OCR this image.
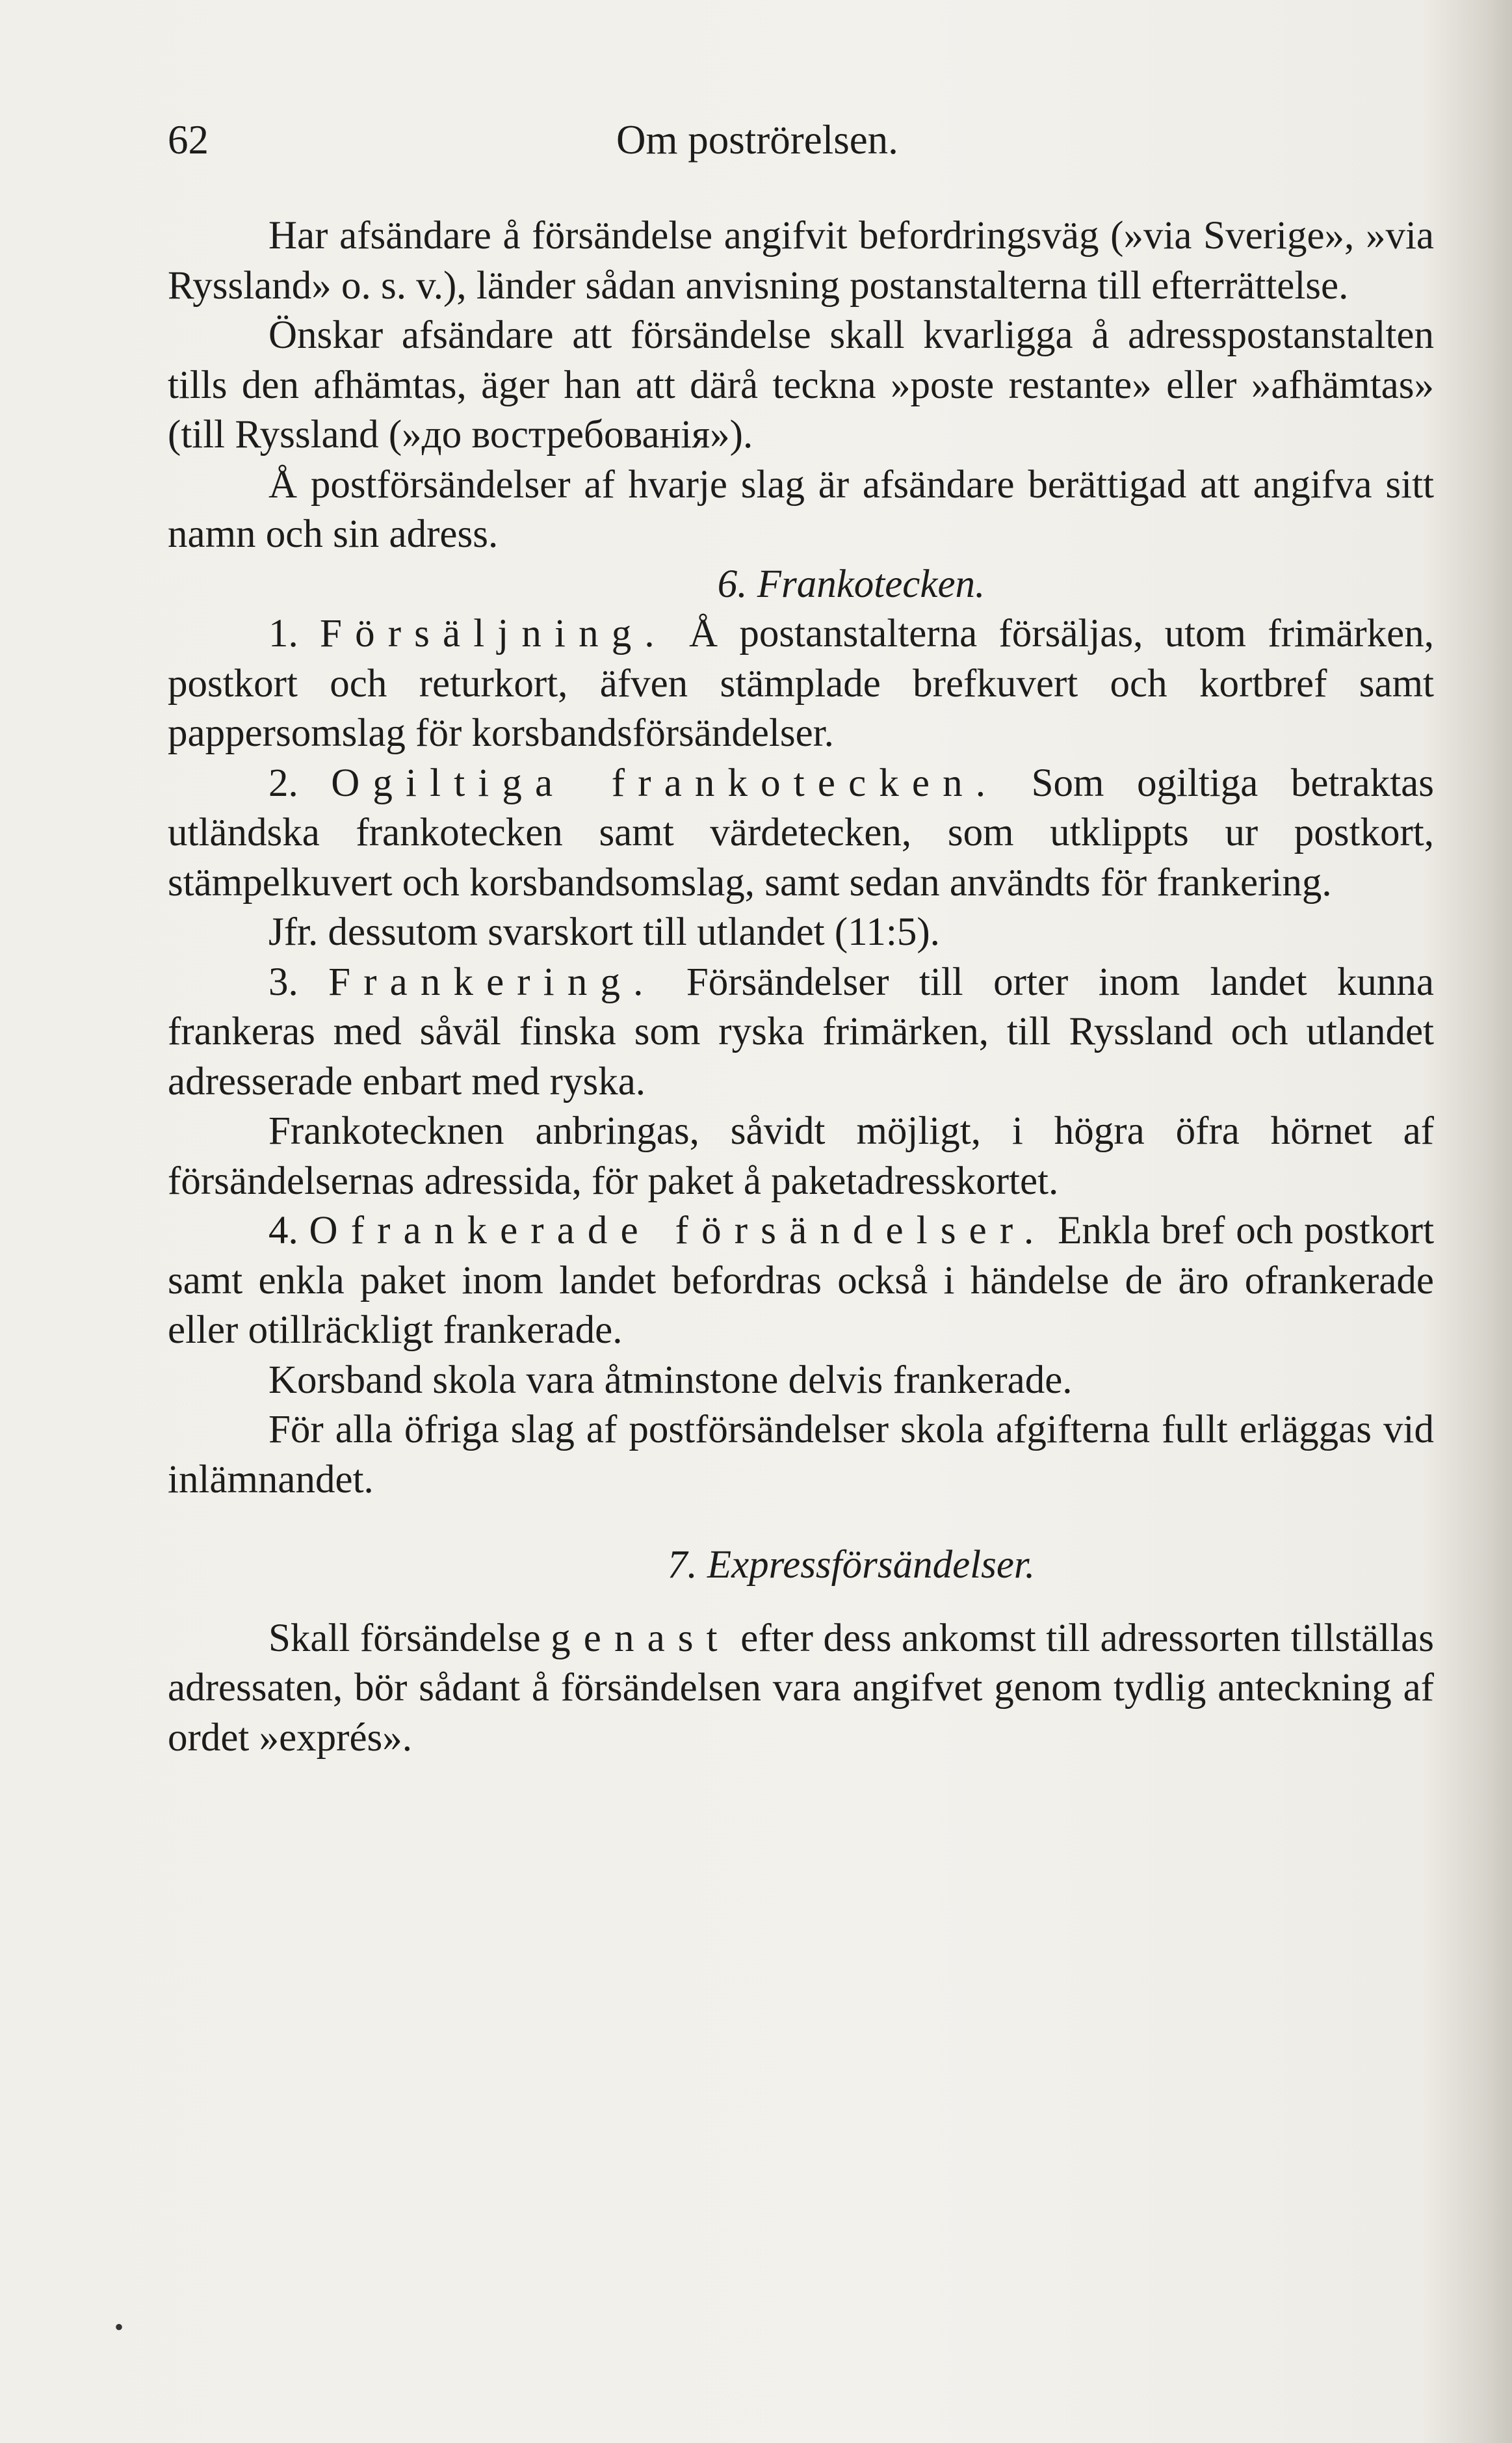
62	Om poströrelsen.

Har afsändare å försändelse angifvit befordringsväg (»via Sverige», »via Ryssland» o. s. v.), länder sådan anvisning postanstalterna till efterrättelse.

Önskar afsändare att försändelse skall kvarligga å adresspostanstalten tills den afhämtas, äger han att därå teckna »poste restante» eller »afhämtas» (till Ryssland (»до востребованія»).

Å postförsändelser af hvarje slag är afsändare berättigad att angifva sitt namn och sin adress.

6. Frankotecken.

1. Försäljning. Å postanstalterna försäljas, utom frimärken, postkort och returkort, äfven stämplade brefkuvert och kortbref samt pappersomslag för korsbandsförsändelser.

2. Ogiltiga frankotecken. Som ogiltiga betraktas utländska frankotecken samt värdetecken, som utklippts ur postkort, stämpelkuvert och korsbandsomslag, samt sedan användts för frankering.

Jfr. dessutom svarskort till utlandet (11:5).

3. Frankering. Försändelser till orter inom landet kunna frankeras med såväl finska som ryska frimärken, till Ryssland och utlandet adresserade enbart med ryska.

Frankotecknen anbringas, såvidt möjligt, i högra öfra hörnet af försändelsernas adressida, för paket å paketadresskortet.

4. Ofrankerade försändelser. Enkla bref och postkort samt enkla paket inom landet befordras också i händelse de äro ofrankerade eller otillräckligt frankerade.

Korsband skola vara åtminstone delvis frankerade.

För alla öfriga slag af postförsändelser skola afgifterna fullt erläggas vid inlämnandet.

7. Expressförsändelser.

Skall försändelse genast efter dess ankomst till adressorten tillställas adressaten, bör sådant å försändelsen vara angifvet genom tydlig anteckning af ordet »exprés».

•
